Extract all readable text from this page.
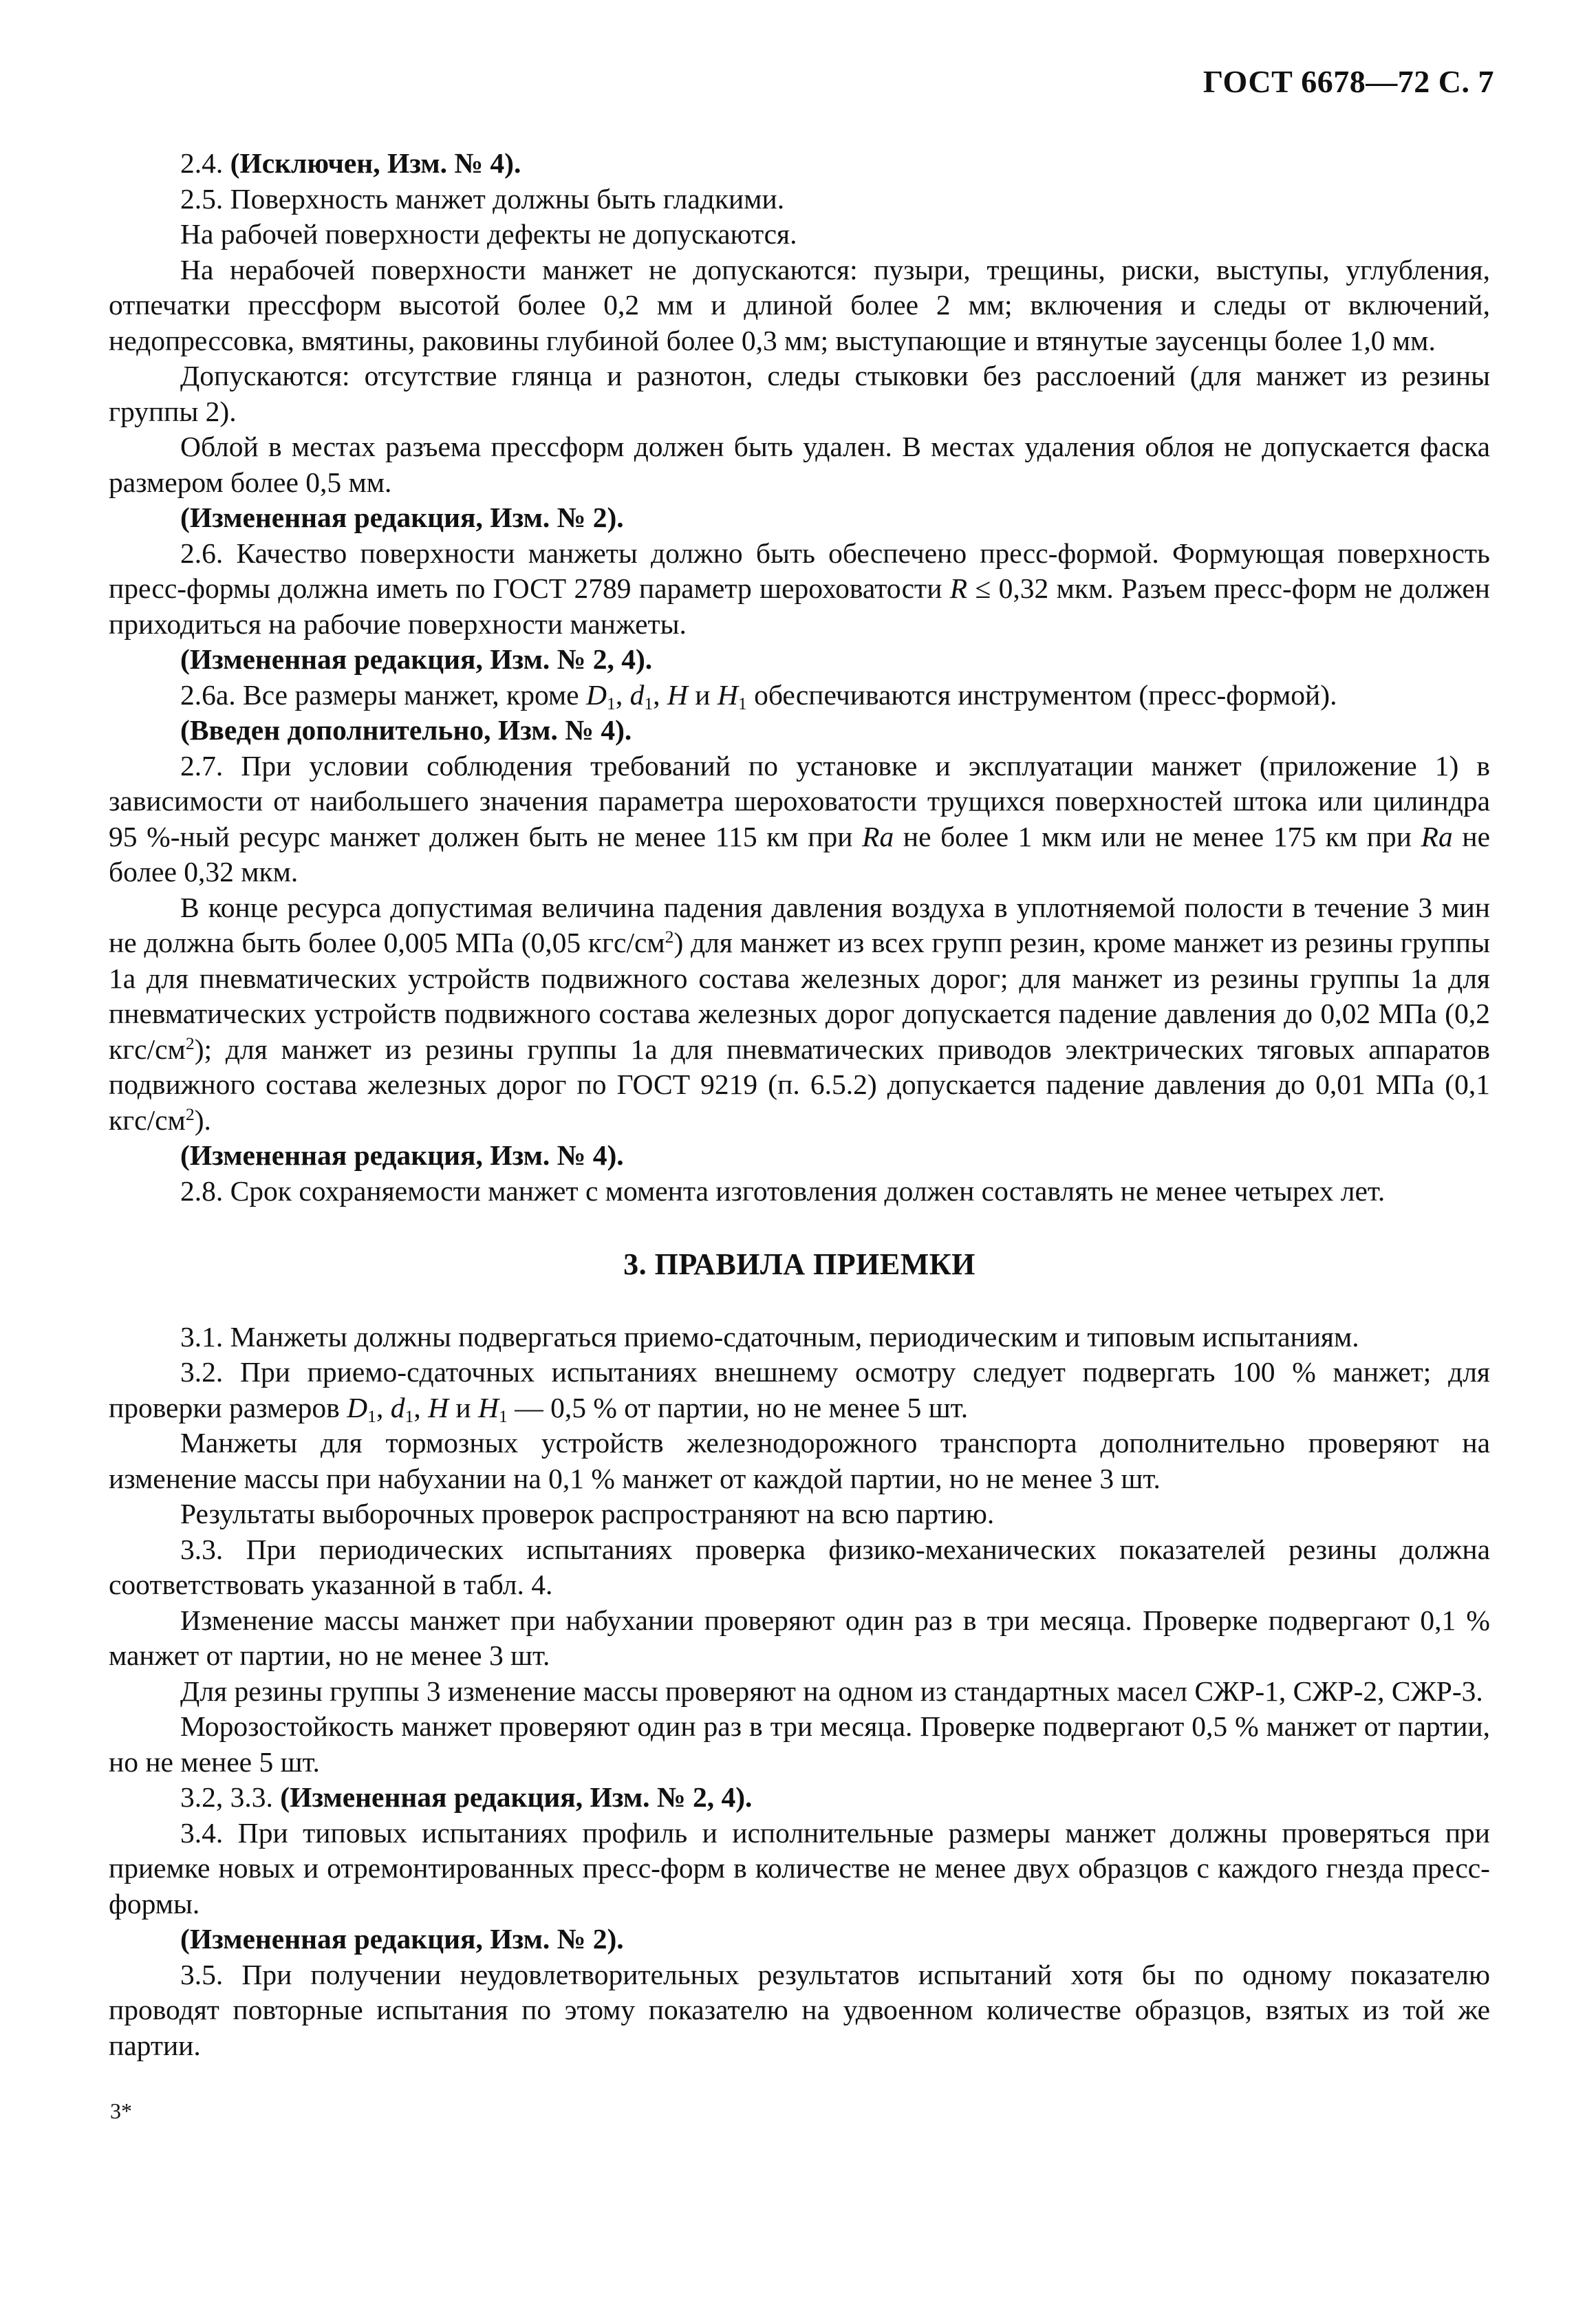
ГОСТ 6678—72 С. 7

2.4. (Исключен, Изм. № 4).

2.5. Поверхность манжет должны быть гладкими.

На рабочей поверхности дефекты не допускаются.

На нерабочей поверхности манжет не допускаются: пузыри, трещины, риски, выступы, углубления, отпечатки прессформ высотой более 0,2 мм и длиной более 2 мм; включения и следы от включений, недопрессовка, вмятины, раковины глубиной более 0,3 мм; выступающие и втянутые заусенцы более 1,0 мм.

Допускаются: отсутствие глянца и разнотон, следы стыковки без расслоений (для манжет из резины группы 2).

Облой в местах разъема прессформ должен быть удален. В местах удаления облоя не допускается фаска размером более 0,5 мм.

(Измененная редакция, Изм. № 2).

2.6. Качество поверхности манжеты должно быть обеспечено пресс-формой. Формующая поверхность пресс-формы должна иметь по ГОСТ 2789 параметр шероховатости R ≤ 0,32 мкм. Разъем пресс-форм не должен приходиться на рабочие поверхности манжеты.

(Измененная редакция, Изм. № 2, 4).

2.6а. Все размеры манжет, кроме $D_1$, $d_1$, H и $H_1$ обеспечиваются инструментом (пресс-формой).

(Введен дополнительно, Изм. № 4).

2.7. При условии соблюдения требований по установке и эксплуатации манжет (приложение 1) в зависимости от наибольшего значения параметра шероховатости трущихся поверхностей штока или цилиндра 95 %-ный ресурс манжет должен быть не менее 115 км при Ra не более 1 мкм или не менее 175 км при Ra не более 0,32 мкм.

В конце ресурса допустимая величина падения давления воздуха в уплотняемой полости в течение 3 мин не должна быть более 0,005 МПа (0,05 кгс/$см^2$) для манжет из всех групп резин, кроме манжет из резины группы 1а для пневматических устройств подвижного состава железных дорог; для манжет из резины группы 1а для пневматических устройств подвижного состава железных дорог допускается падение давления до 0,02 МПа (0,2 кгс/$см^2$); для манжет из резины группы 1а для пневматических приводов электрических тяговых аппаратов подвижного состава железных дорог по ГОСТ 9219 (п. 6.5.2) допускается падение давления до 0,01 МПа (0,1 кгс/$см^2$).

(Измененная редакция, Изм. № 4).

2.8. Срок сохраняемости манжет с момента изготовления должен составлять не менее четырех лет.

3. ПРАВИЛА ПРИЕМКИ

3.1. Манжеты должны подвергаться приемо-сдаточным, периодическим и типовым испытаниям.

3.2. При приемо-сдаточных испытаниях внешнему осмотру следует подвергать 100 % манжет; для проверки размеров $D_1$, $d_1$, H и $H_1$ — 0,5 % от партии, но не менее 5 шт.

Манжеты для тормозных устройств железнодорожного транспорта дополнительно проверяют на изменение массы при набухании на 0,1 % манжет от каждой партии, но не менее 3 шт.

Результаты выборочных проверок распространяют на всю партию.

3.3. При периодических испытаниях проверка физико-механических показателей резины должна соответствовать указанной в табл. 4.

Изменение массы манжет при набухании проверяют один раз в три месяца. Проверке подвергают 0,1 % манжет от партии, но не менее 3 шт.

Для резины группы 3 изменение массы проверяют на одном из стандартных масел СЖР-1, СЖР-2, СЖР-3.

Морозостойкость манжет проверяют один раз в три месяца. Проверке подвергают 0,5 % манжет от партии, но не менее 5 шт.

3.2, 3.3. (Измененная редакция, Изм. № 2, 4).

3.4. При типовых испытаниях профиль и исполнительные размеры манжет должны проверяться при приемке новых и отремонтированных пресс-форм в количестве не менее двух образцов с каждого гнезда пресс-формы.

(Измененная редакция, Изм. № 2).

3.5. При получении неудовлетворительных результатов испытаний хотя бы по одному показателю проводят повторные испытания по этому показателю на удвоенном количестве образцов, взятых из той же партии.

3*
